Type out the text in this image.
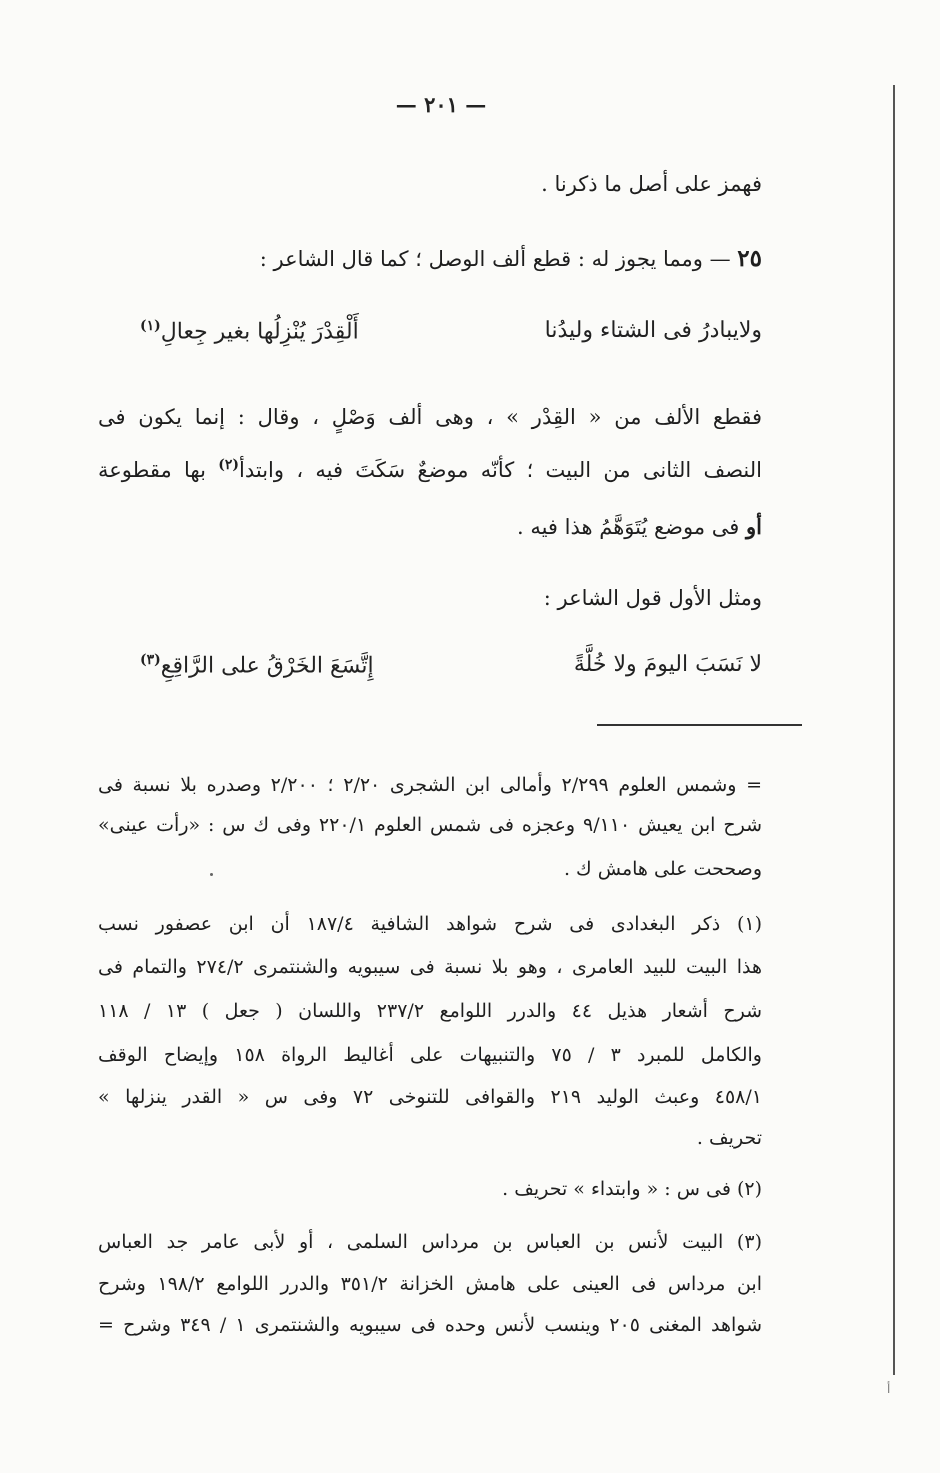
أ
— ٢٠١ —
فهمز على أصل ما ذكرنا .
٢٥ — ومما يجوز له : قطع ألف الوصل ؛ كما قال الشاعر :
ولايبادرُ فى الشتاء وليدُنا
أَلْقِدْرَ يُنْزِلُها بغير جِعالِ$^{(١)}$
فقطع الألف من « القِدْر » ، وهى ألف وَصْلٍ ، وقال : إنما يكون فى
النصف الثانى من البيت ؛ كأنّه موضعٌ سَكَتَ فيه ، وابتدأ$^{(٢)}$ بها مقطوعة
أو فى موضع يُتَوَهَّمُ هذا فيه .
ومثل الأول قول الشاعر :
لا نَسَبَ اليومَ ولا خُلَّةً
إِتَّسَعَ الخَرْقُ على الرَّاقِعِ$^{(٣)}$
= وشمس العلوم ٢/٢٩٩ وأمالى ابن الشجرى ٢/٢٠ ؛ ٢/٢٠٠ وصدره بلا نسبة فى
شرح ابن يعيش ٩/١١٠ وعجزه فى شمس العلوم ٢٢٠/١ وفى ك س : «رأت عينى»
وصححت على هامش ك .
(١) ذكر البغدادى فى شرح شواهد الشافية ١٨٧/٤ أن ابن عصفور نسب
هذا البيت للبيد العامرى ، وهو بلا نسبة فى سيبويه والشنتمرى ٢٧٤/٢ والتمام فى
شرح أشعار هذيل ٤٤ والدرر اللوامع ٢٣٧/٢ واللسان ( جعل ) ١٣ / ١١٨
والكامل للمبرد ٣ / ٧٥ والتنبيهات على أغاليط الرواة ١٥٨ وإيضاح الوقف
٤٥٨/١ وعبث الوليد ٢١٩ والقوافى للتنوخى ٧٢ وفى س « القدر ينزلها »
تحريف .
(٢) فى س : « وابتداء » تحريف .
(٣) البيت لأنس بن العباس بن مرداس السلمى ، أو لأبى عامر جد العباس
ابن مرداس فى العينى على هامش الخزانة ٣٥١/٢ والدرر اللوامع ١٩٨/٢ وشرح
شواهد المغنى ٢٠٥ وينسب لأنس وحده فى سيبويه والشنتمرى ١ / ٣٤٩ وشرح =
